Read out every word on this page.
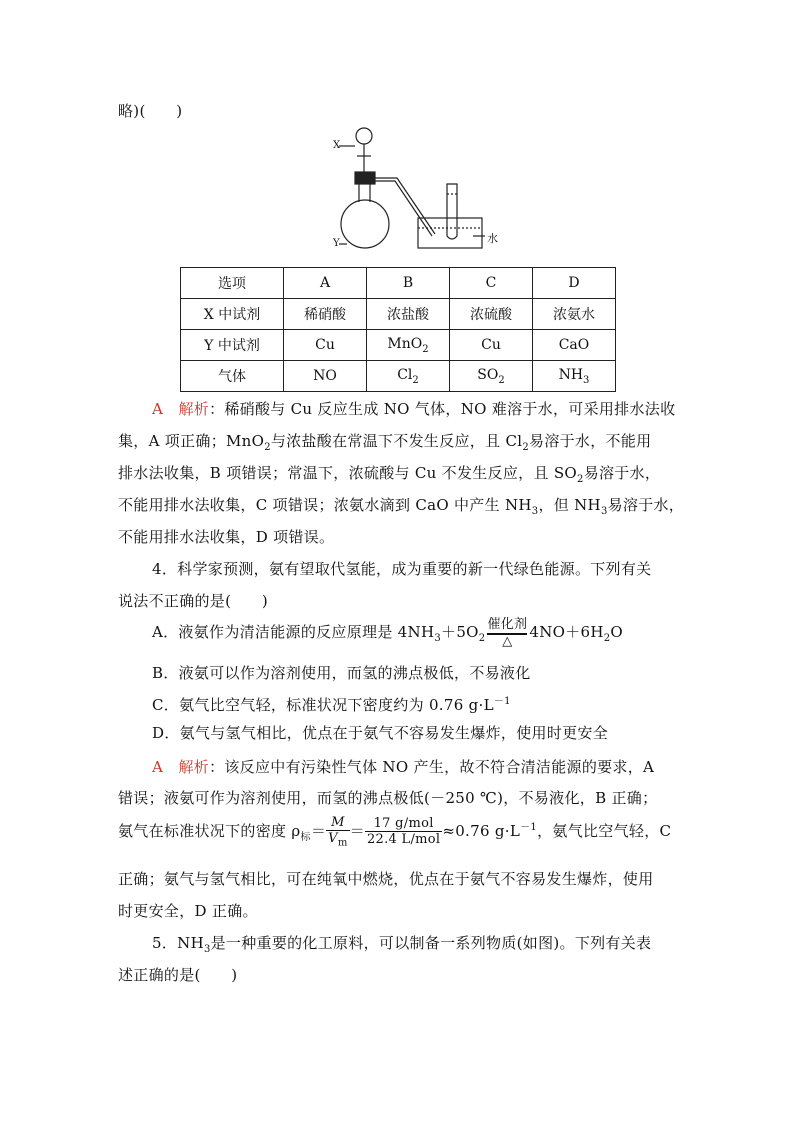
略)(　　)
X
Y	水
选项	A	B	C	D
X 中试剂	稀硝酸	浓盐酸	浓硫酸	浓氨水
Y 中试剂	Cu	MnO$_2$	Cu	CaO
气体	NO	$Cl_2$	$SO_2$	$NH_3$
A　 解析：稀硝酸与 Cu 反应生成 NO 气体，NO 难溶于水，可采用排水法收
集，A 项正确；MnO$_2$与浓盐酸在常温下不发生反应，且 $Cl_2$易溶于水，不能用
排水法收集，B 项错误；常温下，浓硫酸与 Cu 不发生反应，且 $SO_2$易溶于水，
不能用排水法收集，C 项错误；浓氨水滴到 CaO 中产生 $NH_3$，但 $NH_3$易溶于水，
不能用排水法收集，D 项错误。
4．科学家预测，氨有望取代氢能，成为重要的新一代绿色能源。下列有关
说法不正确的是(　　)
A．液氨作为清洁能源的反应原理是 $4NH_3+5O_2$
催化剂
△
$4NO+6H_2O$
B．液氨可以作为溶剂使用，而氢的沸点极低，不易液化
C．氨气比空气轻，标准状况下密度约为 0.76 $g\cdot L^{-1}$
D．氨气与氢气相比，优点在于氨气不容易发生爆炸，使用时更安全
A　 解析：该反应中有污染性气体 NO 产生，故不符合清洁能源的要求，A
错误；液氨可作为溶剂使用，而氢的沸点极低(－250 ℃)，不易液化，B 正确；
氨气在标准状况下的密度 $\rho_标= \frac{M}{V_m} = \frac{\text{17 g/mol}}{\text{22.4 L/mol}} \approx 0.76$ $g\cdot L^{-1}$，氨气比空气轻，C
正确；氨气与氢气相比，可在纯氧中燃烧，优点在于氨气不容易发生爆炸，使用
时更安全，D 正确。
5．$NH_3$是一种重要的化工原料，可以制备一系列物质(如图)。下列有关表
述正确的是(　　)
